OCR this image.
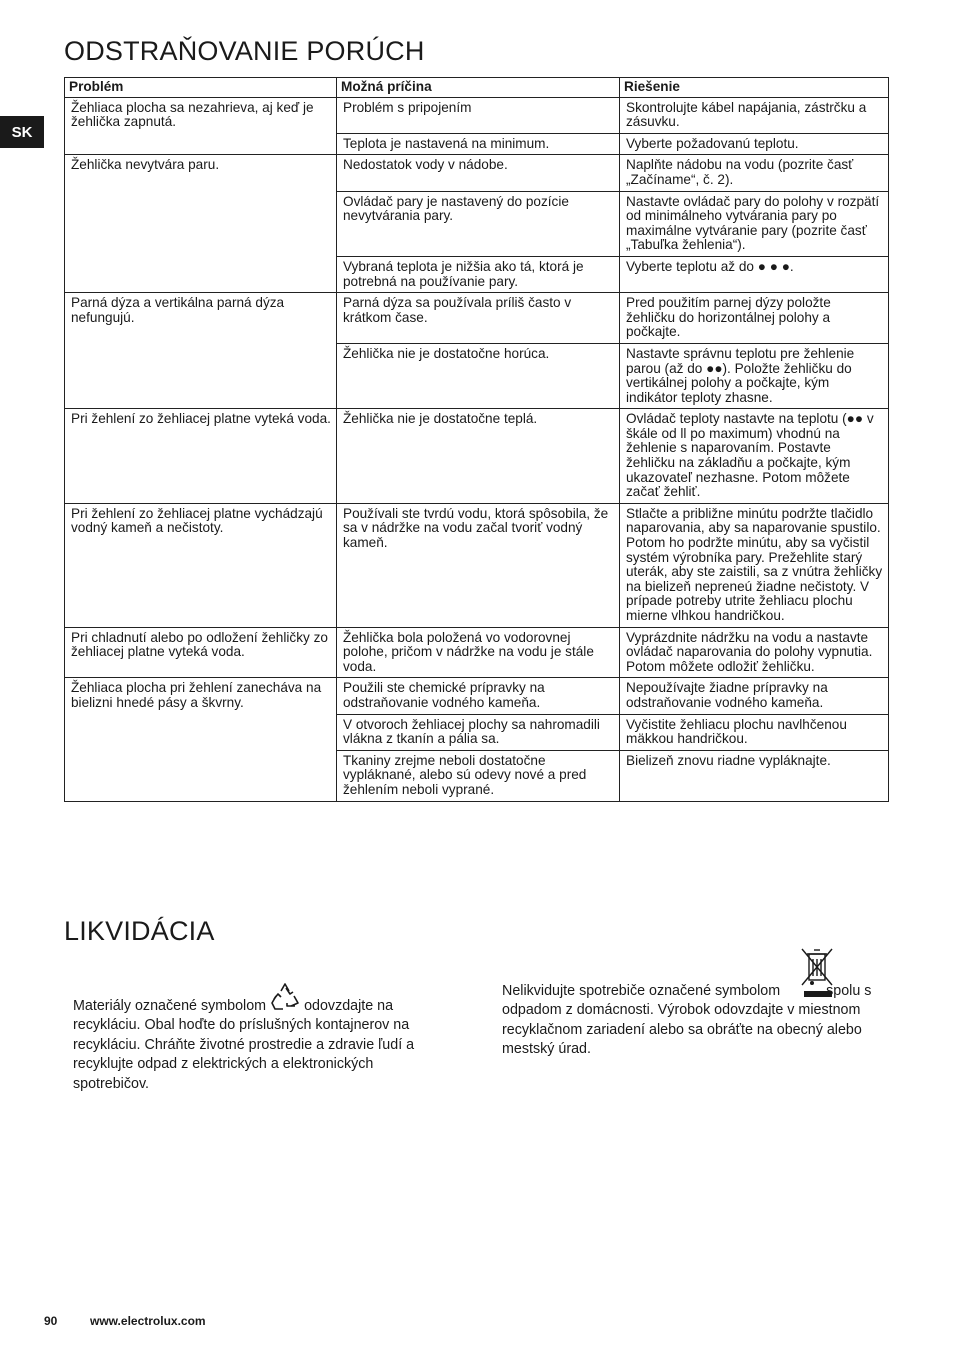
SK
ODSTRAŇOVANIE PORÚCH
Problém	Možná príčina	Riešenie
Žehliaca plocha sa nezahrieva, aj keď je žehlička zapnutá.	Problém s pripojením	Skontrolujte kábel napájania, zástrčku a zásuvku.
	Teplota je nastavená na minimum.	Vyberte požadovanú teplotu.
Žehlička nevytvára paru.	Nedostatok vody v nádobe.	Naplňte nádobu na vodu (pozrite časť „Začíname“, č. 2).
	Ovládač pary je nastavený do pozície nevytvárania pary.	Nastavte ovládač pary do polohy v rozpätí od minimálneho vytvárania pary po maximálne vytváranie pary (pozrite časť „Tabuľka žehlenia“).
	Vybraná teplota je nižšia ako tá, ktorá je potrebná na používanie pary.	Vyberte teplotu až do ● ● ●.
Parná dýza a vertikálna parná dýza nefungujú.	Parná dýza sa používala príliš často v krátkom čase.	Pred použitím parnej dýzy položte žehličku do horizontálnej polohy a počkajte.
	Žehlička nie je dostatočne horúca.	Nastavte správnu teplotu pre žehlenie parou (až do ●●). Položte žehličku do vertikálnej polohy a počkajte, kým indikátor teploty zhasne.
Pri žehlení zo žehliacej platne vyteká voda.	Žehlička nie je dostatočne teplá.	Ovládač teploty nastavte na teplotu (●● v škále od ll po maximum) vhodnú na žehlenie s naparovaním. Postavte žehličku na základňu a počkajte, kým ukazovateľ nezhasne. Potom môžete začať žehliť.
Pri žehlení zo žehliacej platne vychádzajú vodný kameň a nečistoty.	Používali ste tvrdú vodu, ktorá spôsobila, že sa v nádržke na vodu začal tvoriť vodný kameň.	Stlačte a približne minútu podržte tlačidlo naparovania, aby sa naparovanie spustilo. Potom ho podržte minútu, aby sa vyčistil systém výrobníka pary. Prežehlite starý uterák, aby ste zaistili, sa z vnútra žehličky na bielizeň nepreneú žiadne nečistoty. V prípade potreby utrite žehliacu plochu mierne vlhkou handričkou.
Pri chladnutí alebo po odložení žehličky zo žehliacej platne vyteká voda.	Žehlička bola položená vo vodorovnej polohe, pričom v nádržke na vodu je stále voda.	Vyprázdnite nádržku na vodu a nastavte ovládač naparovania do polohy vypnutia. Potom môžete odložiť žehličku.
Žehliaca plocha pri žehlení zanecháva na bielizni hnedé pásy a škvrny.	Použili ste chemické prípravky na odstraňovanie vodného kameňa.	Nepoužívajte žiadne prípravky na odstraňovanie vodného kameňa.
	V otvoroch žehliacej plochy sa nahromadili vlákna z tkanín a pália sa.	Vyčistite žehliacu plochu navlhčenou mäkkou handričkou.
	Tkaniny zrejme neboli dostatočne vypláknané, alebo sú odevy nové a pred žehlením neboli vyprané.	Bielizeň znovu riadne vypláknajte.
LIKVIDÁCIA
Materiály označené symbolom	odovzdajte na recykláciu. Obal hoďte do príslušných kontajnerov na recykláciu. Chráňte životné prostredie a zdravie ľudí a recyklujte odpad z elektrických a elektronických spotrebičov.
Nelikvidujte spotrebiče označené symbolom	spolu s odpadom z domácnosti. Výrobok odovzdajte v miestnom recyklačnom zariadení alebo sa obráťte na obecný alebo mestský úrad.
90	www.electrolux.com
